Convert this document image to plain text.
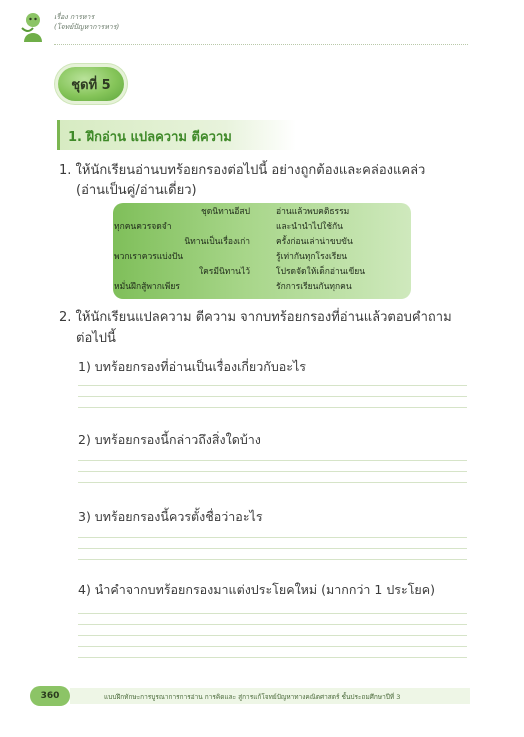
เรื่อง การหาร
(โจทย์ปัญหาการหาร)
ชุดที่ 5
1. ฝึกอ่าน แปลความ ตีความ
1. ให้นักเรียนอ่านบทร้อยกรองต่อไปนี้ อย่างถูกต้องและคล่องแคล่ว
(อ่านเป็นคู่/อ่านเดี่ยว)
ชุดนิทานอีสป	อ่านแล้วพบคติธรรม
ทุกคนควรจดจำ	และนำนำไปใช้กัน
นิทานเป็นเรื่องเก่า	ครั้งก่อนเล่าน่าขบขัน
พวกเราควรแบ่งปัน	รู้เท่ากันทุกโรงเรียน
ใครมีนิทานไว้	โปรดจัดให้เด็กอ่านเขียน
หมั่นฝึกสู้พากเพียร	รักการเรียนกันทุกคน
2. ให้นักเรียนแปลความ ตีความ จากบทร้อยกรองที่อ่านแล้วตอบคำถาม
ต่อไปนี้
1) บทร้อยกรองที่อ่านเป็นเรื่องเกี่ยวกับอะไร
2) บทร้อยกรองนี้กล่าวถึงสิ่งใดบ้าง
3) บทร้อยกรองนี้ควรตั้งชื่อว่าอะไร
4) นำคำจากบทร้อยกรองมาแต่งประโยคใหม่ (มากกว่า 1 ประโยค)
360	แบบฝึกทักษะการบูรณาการการอ่าน การคิดและ สู่การแก้โจทย์ปัญหาทางคณิตศาสตร์ ชั้นประถมศึกษาปีที่ 3
